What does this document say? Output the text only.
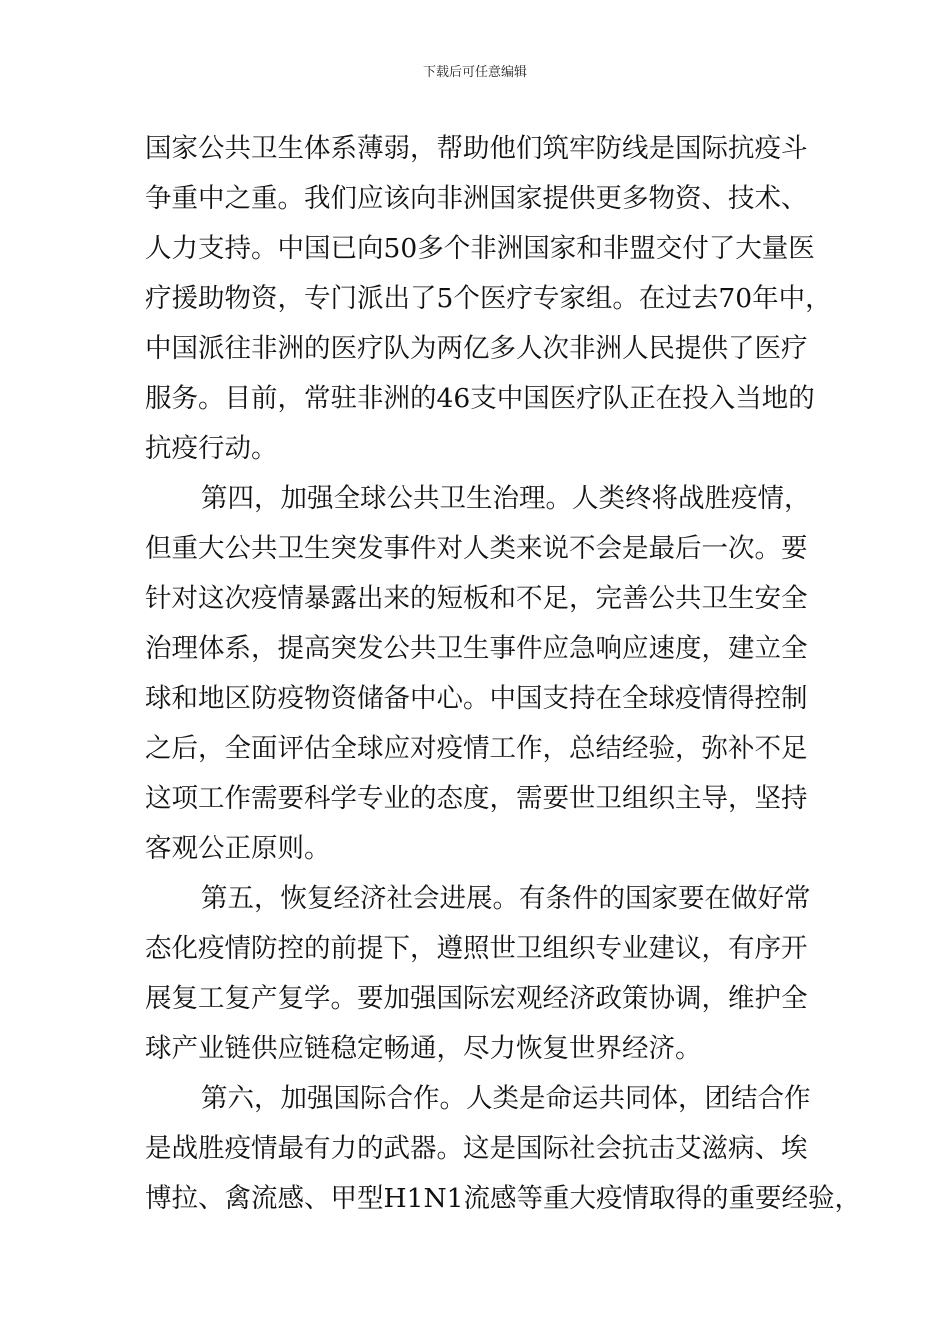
下载后可任意编辑
国家公共卫生体系薄弱，帮助他们筑牢防线是国际抗疫斗
争重中之重。我们应该向非洲国家提供更多物资、技术、
人力支持。中国已向50多个非洲国家和非盟交付了大量医
疗援助物资，专门派出了5个医疗专家组。在过去70年中，
中国派往非洲的医疗队为两亿多人次非洲人民提供了医疗
服务。目前，常驻非洲的46支中国医疗队正在投入当地的
抗疫行动。
第四，加强全球公共卫生治理。人类终将战胜疫情，
但重大公共卫生突发事件对人类来说不会是最后一次。要
针对这次疫情暴露出来的短板和不足，完善公共卫生安全
治理体系，提高突发公共卫生事件应急响应速度，建立全
球和地区防疫物资储备中心。中国支持在全球疫情得控制
之后，全面评估全球应对疫情工作，总结经验，弥补不足
这项工作需要科学专业的态度，需要世卫组织主导，坚持
客观公正原则。
第五，恢复经济社会进展。有条件的国家要在做好常
态化疫情防控的前提下，遵照世卫组织专业建议，有序开
展复工复产复学。要加强国际宏观经济政策协调，维护全
球产业链供应链稳定畅通，尽力恢复世界经济。
第六，加强国际合作。人类是命运共同体，团结合作
是战胜疫情最有力的武器。这是国际社会抗击艾滋病、埃
博拉、禽流感、甲型H1N1流感等重大疫情取得的重要经验，
